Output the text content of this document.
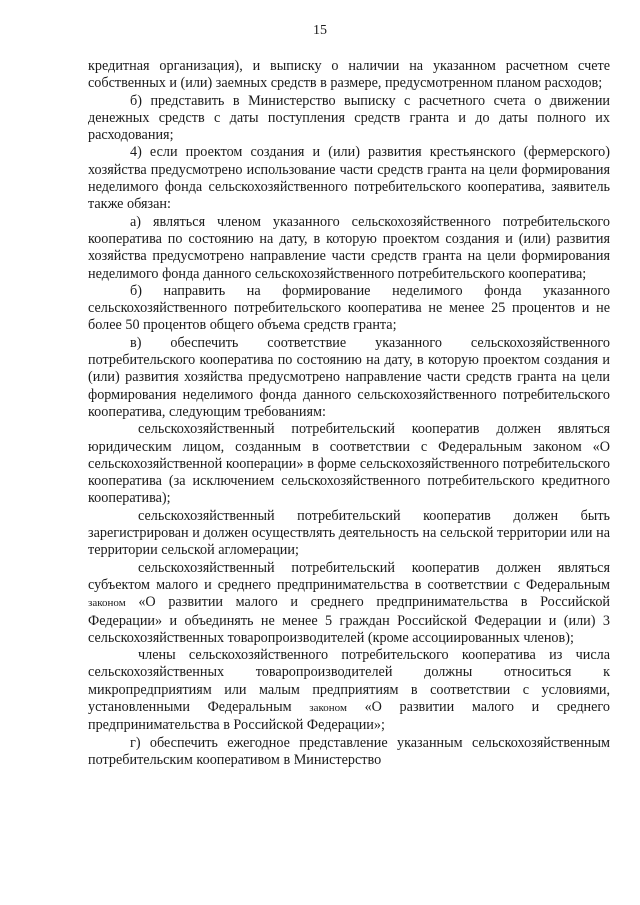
15

кредитная организация), и выписку о наличии на указанном расчетном счете собственных и (или) заемных средств в размере, предусмотренном планом расходов;

б) представить в Министерство выписку с расчетного счета о движении денежных средств с даты поступления средств гранта и до даты полного их расходования;

4) если проектом создания и (или) развития крестьянского (фермерского) хозяйства предусмотрено использование части средств гранта на цели формирования неделимого фонда сельскохозяйственного потребительского кооператива, заявитель также обязан:

а) являться членом указанного сельскохозяйственного потребительского кооператива по состоянию на дату, в которую проектом создания и (или) развития хозяйства предусмотрено направление части средств гранта на цели формирования неделимого фонда данного сельскохозяйственного потребительского кооператива;

б) направить на формирование неделимого фонда указанного сельскохозяйственного потребительского кооператива не менее 25 процентов и не более 50 процентов общего объема средств гранта;

в) обеспечить соответствие указанного сельскохозяйственного потребительского кооператива по состоянию на дату, в которую проектом создания и (или) развития хозяйства предусмотрено направление части средств гранта на цели формирования неделимого фонда данного сельскохозяйственного потребительского кооператива, следующим требованиям:

сельскохозяйственный потребительский кооператив должен являться юридическим лицом, созданным в соответствии с Федеральным законом «О сельскохозяйственной кооперации» в форме сельскохозяйственного потребительского кооператива (за исключением сельскохозяйственного потребительского кредитного кооператива);

сельскохозяйственный потребительский кооператив должен быть зарегистрирован и должен осуществлять деятельность на сельской территории или на территории сельской агломерации;

сельскохозяйственный потребительский кооператив должен являться субъектом малого и среднего предпринимательства в соответствии с Федеральным законом «О развитии малого и среднего предпринимательства в Российской Федерации» и объединять не менее 5 граждан Российской Федерации и (или) 3 сельскохозяйственных товаропроизводителей (кроме ассоциированных членов);

члены сельскохозяйственного потребительского кооператива из числа сельскохозяйственных товаропроизводителей должны относиться к микропредприятиям или малым предприятиям в соответствии с условиями, установленными Федеральным законом «О развитии малого и среднего предпринимательства в Российской Федерации»;

г) обеспечить ежегодное представление указанным сельскохозяйственным потребительским кооперативом в Министерство
